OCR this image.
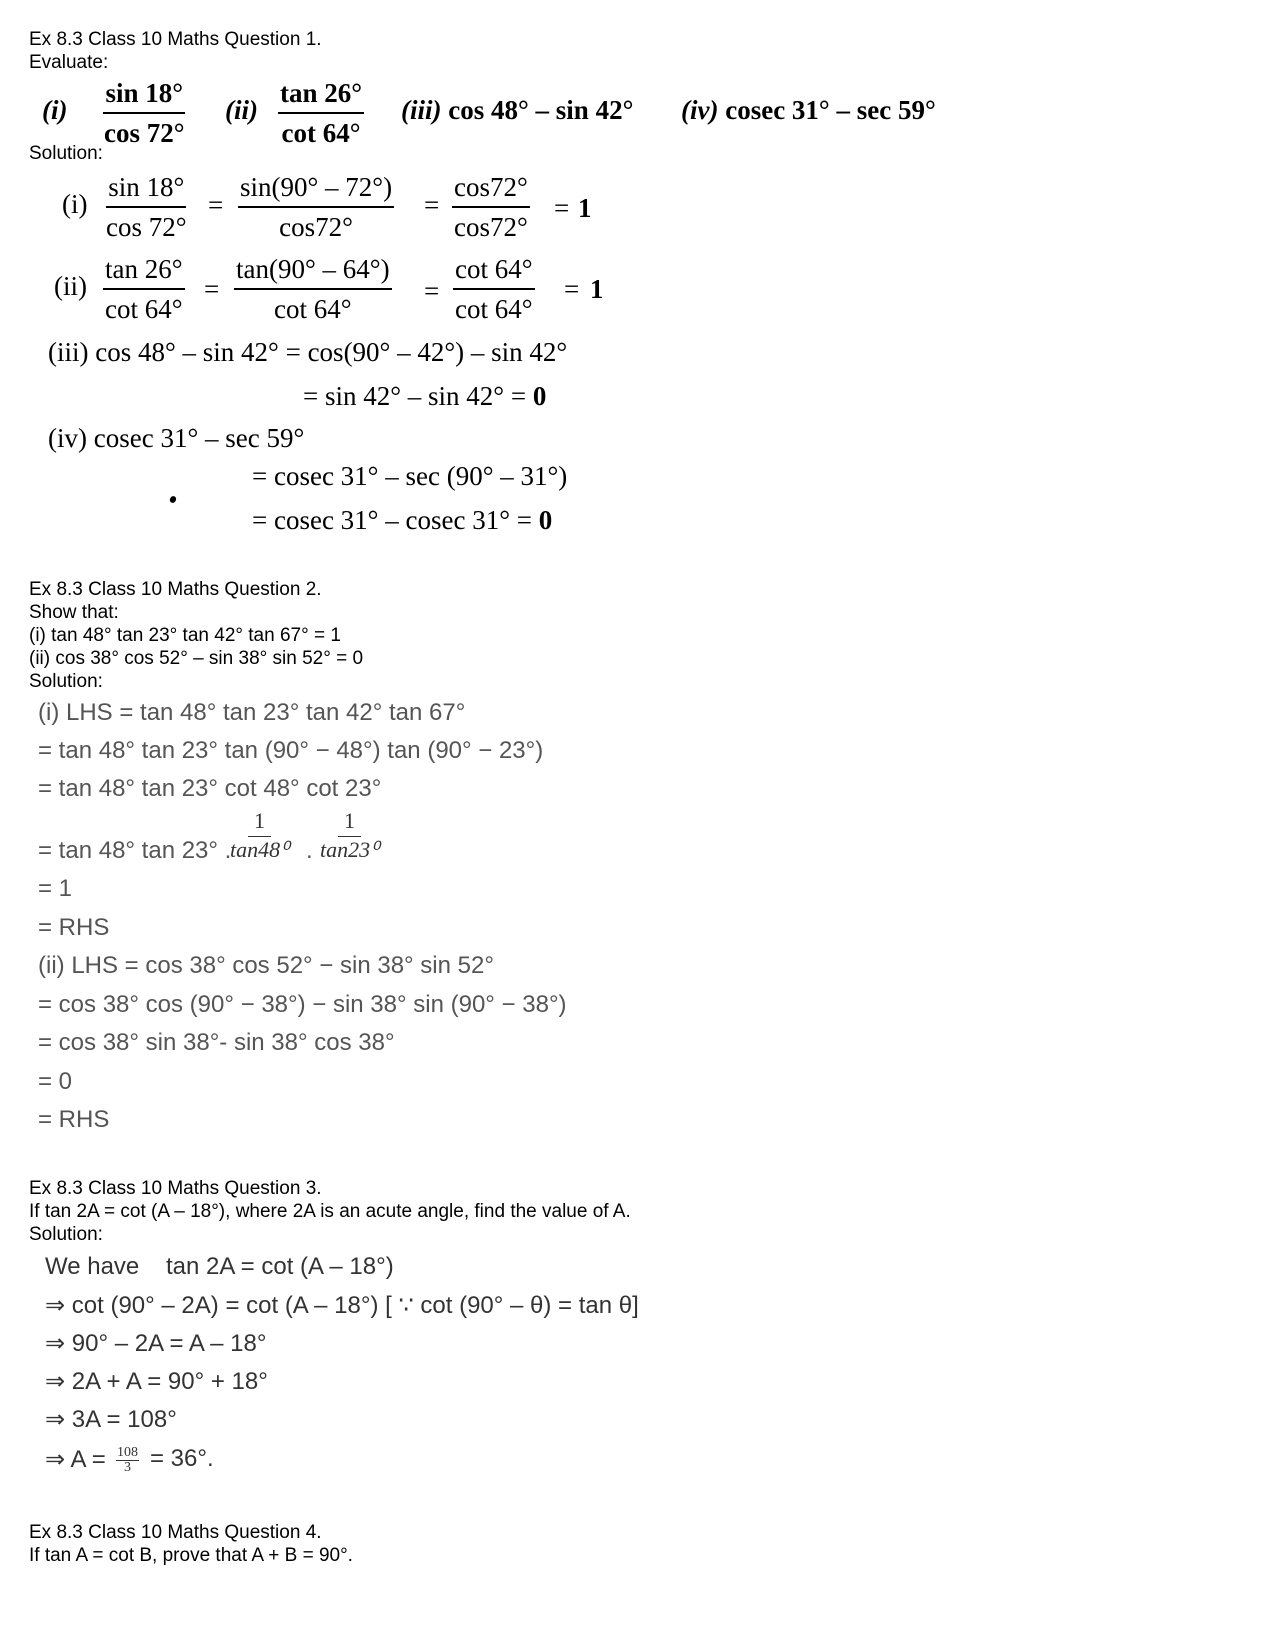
Ex 8.3 Class 10 Maths Question 1.
Evaluate:
$(i) \frac{\sin 18^\circ}{\cos 72^\circ} (ii) \frac{\tan 26^\circ}{\cot 64^\circ} (iii)$ cos 48° – sin 42° (iv) cosec 31° – sec 59°
Solution:
$(i) \frac{\sin 18^\circ}{\cos 72^\circ} = \frac{\sin(90^\circ - 72^\circ)}{\cos 72^\circ} = \frac{\cos 72^\circ}{\cos 72^\circ} = 1$
$(ii) \frac{\tan 26^\circ}{\cot 64^\circ} = \frac{\tan(90^\circ - 64^\circ)}{\cot 64^\circ} = \frac{\cot 64^\circ}{\cot 64^\circ} = 1$
(iii) cos 48° – sin 42° = cos(90° – 42°) – sin 42°
= sin 42° – sin 42° = 0
(iv) cosec 31° – sec 59°
= cosec 31° – sec (90° – 31°)
= cosec 31° – cosec 31° = 0
Ex 8.3 Class 10 Maths Question 2.
Show that:
(i) tan 48° tan 23° tan 42° tan 67° = 1
(ii) cos 38° cos 52° – sin 38° sin 52° = 0
Solution:
(i) LHS = tan 48° tan 23° tan 42° tan 67°
= tan 48° tan 23° tan (90° − 48°) tan (90° − 23°)
= tan 48° tan 23° cot 48° cot 23°
= tan 48° tan 23° .
$\frac{1}{\text{tan48⁰}}$ . $\frac{1}{\text{tan23⁰}}$
= 1
= RHS
(ii) LHS = cos 38° cos 52° − sin 38° sin 52°
= cos 38° cos (90° − 38°) − sin 38° sin (90° − 38°)
= cos 38° sin 38°- sin 38° cos 38°
= 0
= RHS
Ex 8.3 Class 10 Maths Question 3.
If tan 2A = cot (A – 18°), where 2A is an acute angle, find the value of A.
Solution:
We have    tan 2A = cot (A – 18°)
⇒ cot (90° – 2A) = cot (A – 18°) [ ∵ cot (90° – θ) = tan θ]
⇒ 90° – 2A = A – 18°
⇒ 2A + A = 90° + 18°
⇒ 3A = 108°
⇒ $A = \frac{108}{3} = 36^\circ$.
Ex 8.3 Class 10 Maths Question 4.
If tan A = cot B, prove that A + B = 90°.
